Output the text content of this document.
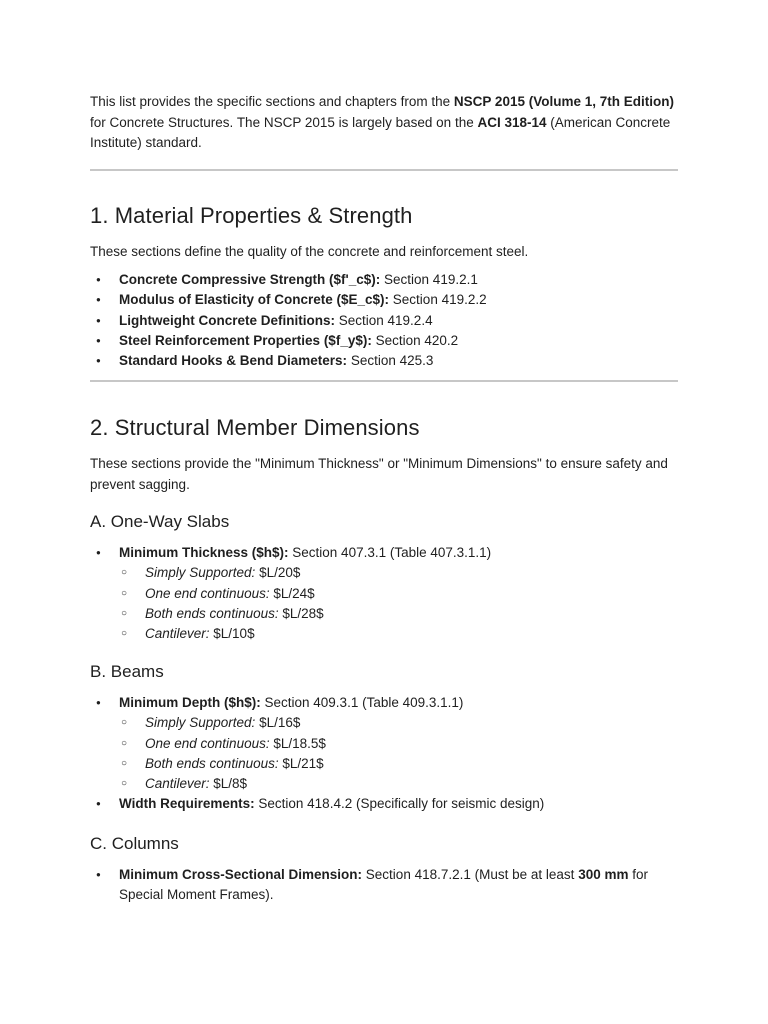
This list provides the specific sections and chapters from the NSCP 2015 (Volume 1, 7th Edition) for Concrete Structures. The NSCP 2015 is largely based on the ACI 318-14 (American Concrete Institute) standard.

1. Material Properties & Strength

These sections define the quality of the concrete and reinforcement steel.

● Concrete Compressive Strength ($f'_c$): Section 419.2.1
● Modulus of Elasticity of Concrete ($E_c$): Section 419.2.2
● Lightweight Concrete Definitions: Section 419.2.4
● Steel Reinforcement Properties ($f_y$): Section 420.2
● Standard Hooks & Bend Diameters: Section 425.3
2. Structural Member Dimensions

These sections provide the "Minimum Thickness" or "Minimum Dimensions" to ensure safety and prevent sagging.

A. One-Way Slabs
● Minimum Thickness ($h$): Section 407.3.1 (Table 407.3.1.1)
○ Simply Supported: $L/20$
○ One end continuous: $L/24$
○ Both ends continuous: $L/28$
○ Cantilever: $L/10$
B. Beams
● Minimum Depth ($h$): Section 409.3.1 (Table 409.3.1.1)
○ Simply Supported: $L/16$
○ One end continuous: $L/18.5$
○ Both ends continuous: $L/21$
○ Cantilever: $L/8$
● Width Requirements: Section 418.4.2 (Specifically for seismic design)
C. Columns
● Minimum Cross-Sectional Dimension: Section 418.7.2.1 (Must be at least 300 mm for Special Moment Frames).
